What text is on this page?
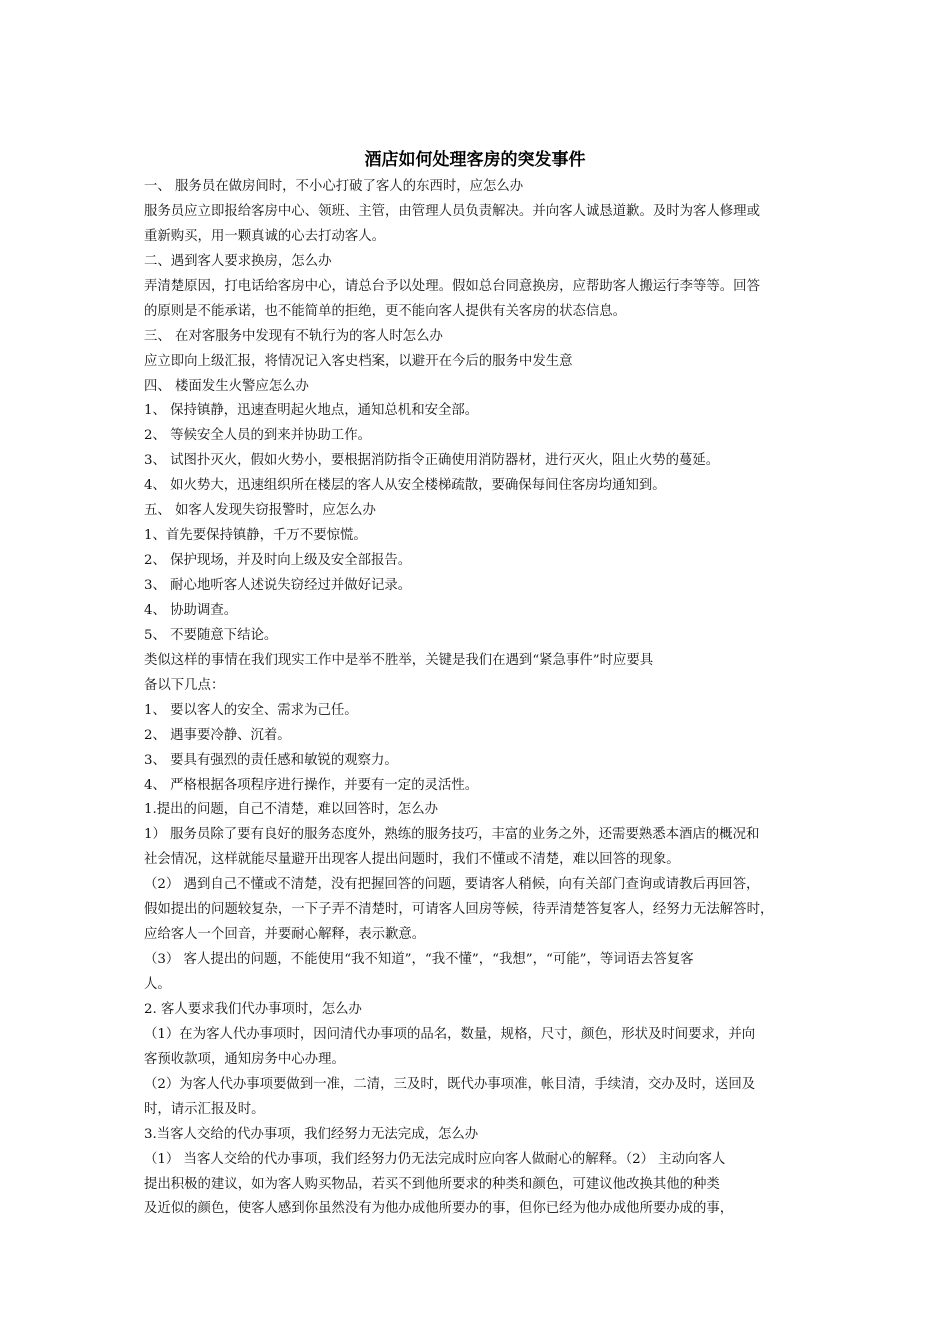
酒店如何处理客房的突发事件
一、 服务员在做房间时，不小心打破了客人的东西时，应怎么办
服务员应立即报给客房中心、领班、主管，由管理人员负责解决。并向客人诚恳道歉。及时为客人修理或
重新购买，用一颗真诚的心去打动客人。
二、遇到客人要求换房，怎么办
弄清楚原因，打电话给客房中心，请总台予以处理。假如总台同意换房，应帮助客人搬运行李等等。回答
的原则是不能承诺，也不能简单的拒绝，更不能向客人提供有关客房的状态信息。
三、 在对客服务中发现有不轨行为的客人时怎么办
应立即向上级汇报，将情况记入客史档案，以避开在今后的服务中发生意
四、 楼面发生火警应怎么办
1、 保持镇静，迅速查明起火地点，通知总机和安全部。
2、 等候安全人员的到来并协助工作。
3、 试图扑灭火，假如火势小，要根据消防指令正确使用消防器材，进行灭火，阻止火势的蔓延。
4、 如火势大，迅速组织所在楼层的客人从安全楼梯疏散，要确保每间住客房均通知到。
五、 如客人发现失窃报警时，应怎么办
1、首先要保持镇静，千万不要惊慌。
2、 保护现场，并及时向上级及安全部报告。
3、 耐心地听客人述说失窃经过并做好记录。
4、 协助调查。
5、 不要随意下结论。
类似这样的事情在我们现实工作中是举不胜举，关键是我们在遇到“紧急事件”时应要具
备以下几点：
1、 要以客人的安全、需求为己任。
2、 遇事要冷静、沉着。
3、 要具有强烈的责任感和敏锐的观察力。
4、 严格根据各项程序进行操作，并要有一定的灵活性。
1.提出的问题，自己不清楚，难以回答时，怎么办
1） 服务员除了要有良好的服务态度外，熟练的服务技巧，丰富的业务之外，还需要熟悉本酒店的概况和
社会情况，这样就能尽量避开出现客人提出问题时，我们不懂或不清楚，难以回答的现象。
（2） 遇到自己不懂或不清楚，没有把握回答的问题，要请客人稍候，向有关部门查询或请教后再回答，
假如提出的问题较复杂，一下子弄不清楚时，可请客人回房等候，待弄清楚答复客人，经努力无法解答时，
应给客人一个回音，并要耐心解释，表示歉意。
（3） 客人提出的问题，不能使用“我不知道”，“我不懂”，“我想”，“可能”，等词语去答复客
人。
2. 客人要求我们代办事项时，怎么办
（1）在为客人代办事项时，因问清代办事项的品名，数量，规格，尺寸，颜色，形状及时间要求，并向
客预收款项，通知房务中心办理。
（2）为客人代办事项要做到一准，二清，三及时，既代办事项准，帐目清，手续清，交办及时，送回及
时，请示汇报及时。
3.当客人交给的代办事项，我们经努力无法完成，怎么办
（1） 当客人交给的代办事项，我们经努力仍无法完成时应向客人做耐心的解释。（2） 主动向客人
提出积极的建议，如为客人购买物品，若买不到他所要求的种类和颜色，可建议他改换其他的种类
及近似的颜色，使客人感到你虽然没有为他办成他所要办的事，但你已经为他办成他所要办成的事，
